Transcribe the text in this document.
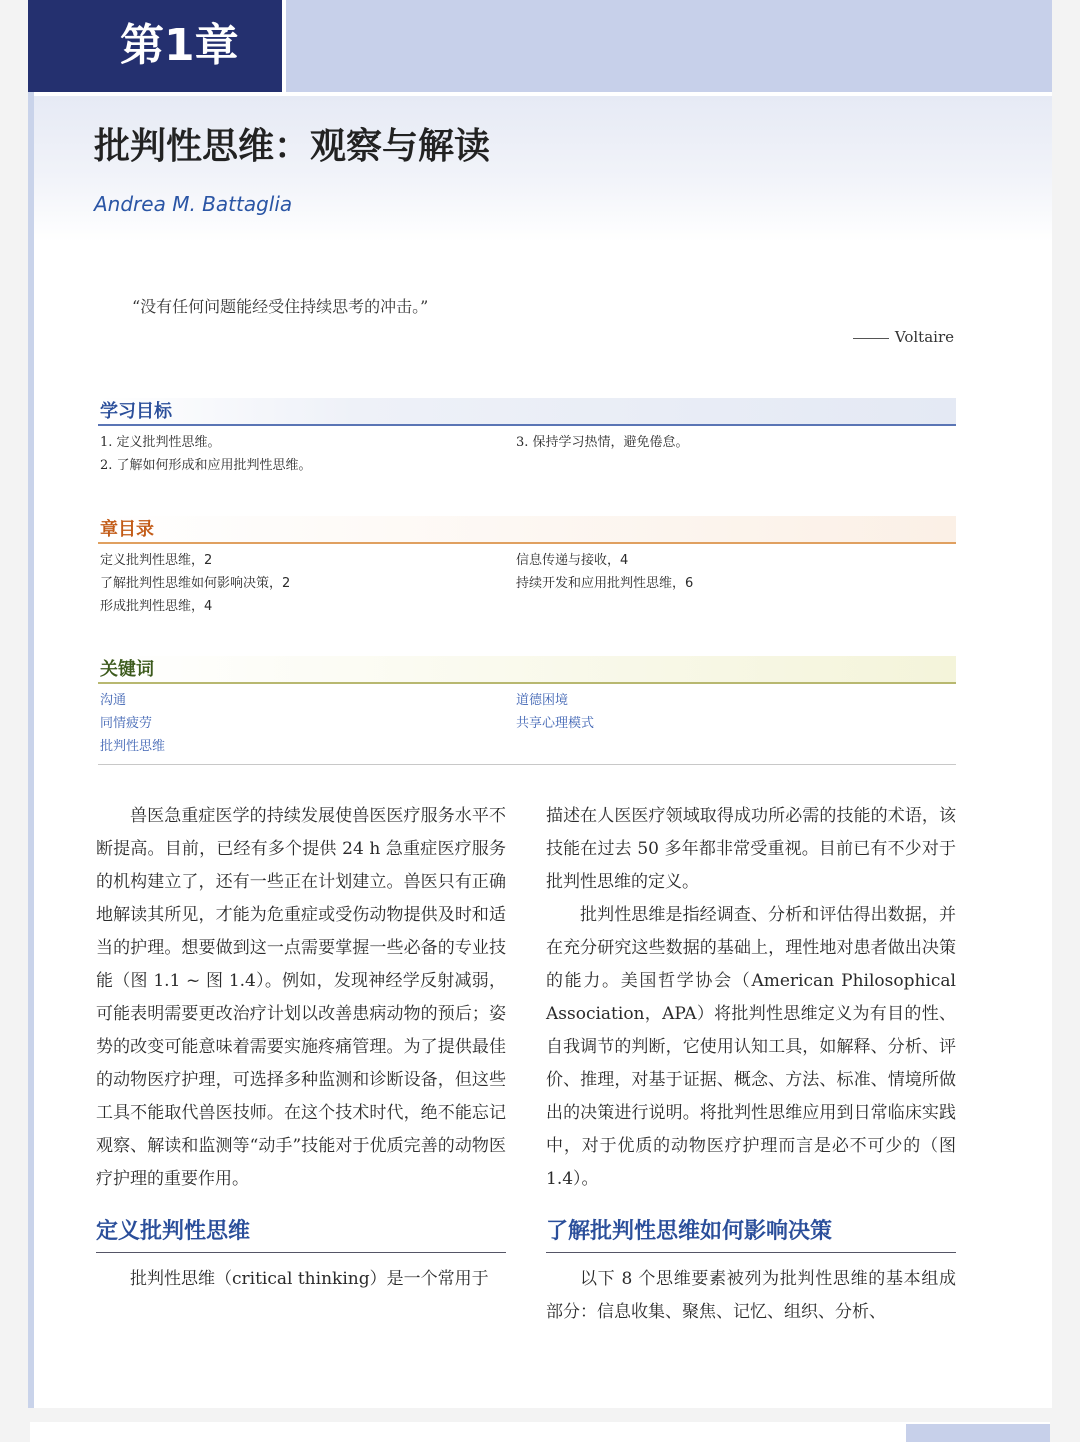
第1章
批判性思维：观察与解读
Andrea M. Battaglia
“没有任何问题能经受住持续思考的冲击。”
Voltaire
学习目标
1. 定义批判性思维。	3. 保持学习热情，避免倦怠。
2. 了解如何形成和应用批判性思维。
章目录
定义批判性思维，2	信息传递与接收，4
了解批判性思维如何影响决策，2	持续开发和应用批判性思维，6
形成批判性思维，4
关键词
沟通	道德困境
同情疲劳	共享心理模式
批判性思维

兽医急重症医学的持续发展使兽医医疗服务水平不断提高。目前，已经有多个提供 24 h 急重症医疗服务的机构建立了，还有一些正在计划建立。兽医只有正确地解读其所见，才能为危重症或受伤动物提供及时和适当的护理。想要做到这一点需要掌握一些必备的专业技能（图 1.1 ~ 图 1.4）。例如，发现神经学反射减弱，可能表明需要更改治疗计划以改善患病动物的预后；姿势的改变可能意味着需要实施疼痛管理。为了提供最佳的动物医疗护理，可选择多种监测和诊断设备，但这些工具不能取代兽医技师。在这个技术时代，绝不能忘记观察、解读和监测等“动手”技能对于优质完善的动物医疗护理的重要作用。

定义批判性思维

批判性思维（critical thinking）是一个常用于

描述在人医医疗领域取得成功所必需的技能的术语，该技能在过去 50 多年都非常受重视。目前已有不少对于批判性思维的定义。

批判性思维是指经调查、分析和评估得出数据，并在充分研究这些数据的基础上，理性地对患者做出决策的能力。美国哲学协会（American Philosophical Association，APA）将批判性思维定义为有目的性、自我调节的判断，它使用认知工具，如解释、分析、评价、推理，对基于证据、概念、方法、标准、情境所做出的决策进行说明。将批判性思维应用到日常临床实践中，对于优质的动物医疗护理而言是必不可少的（图 1.4）。

了解批判性思维如何影响决策

以下 8 个思维要素被列为批判性思维的基本组成部分：信息收集、聚焦、记忆、组织、分析、
